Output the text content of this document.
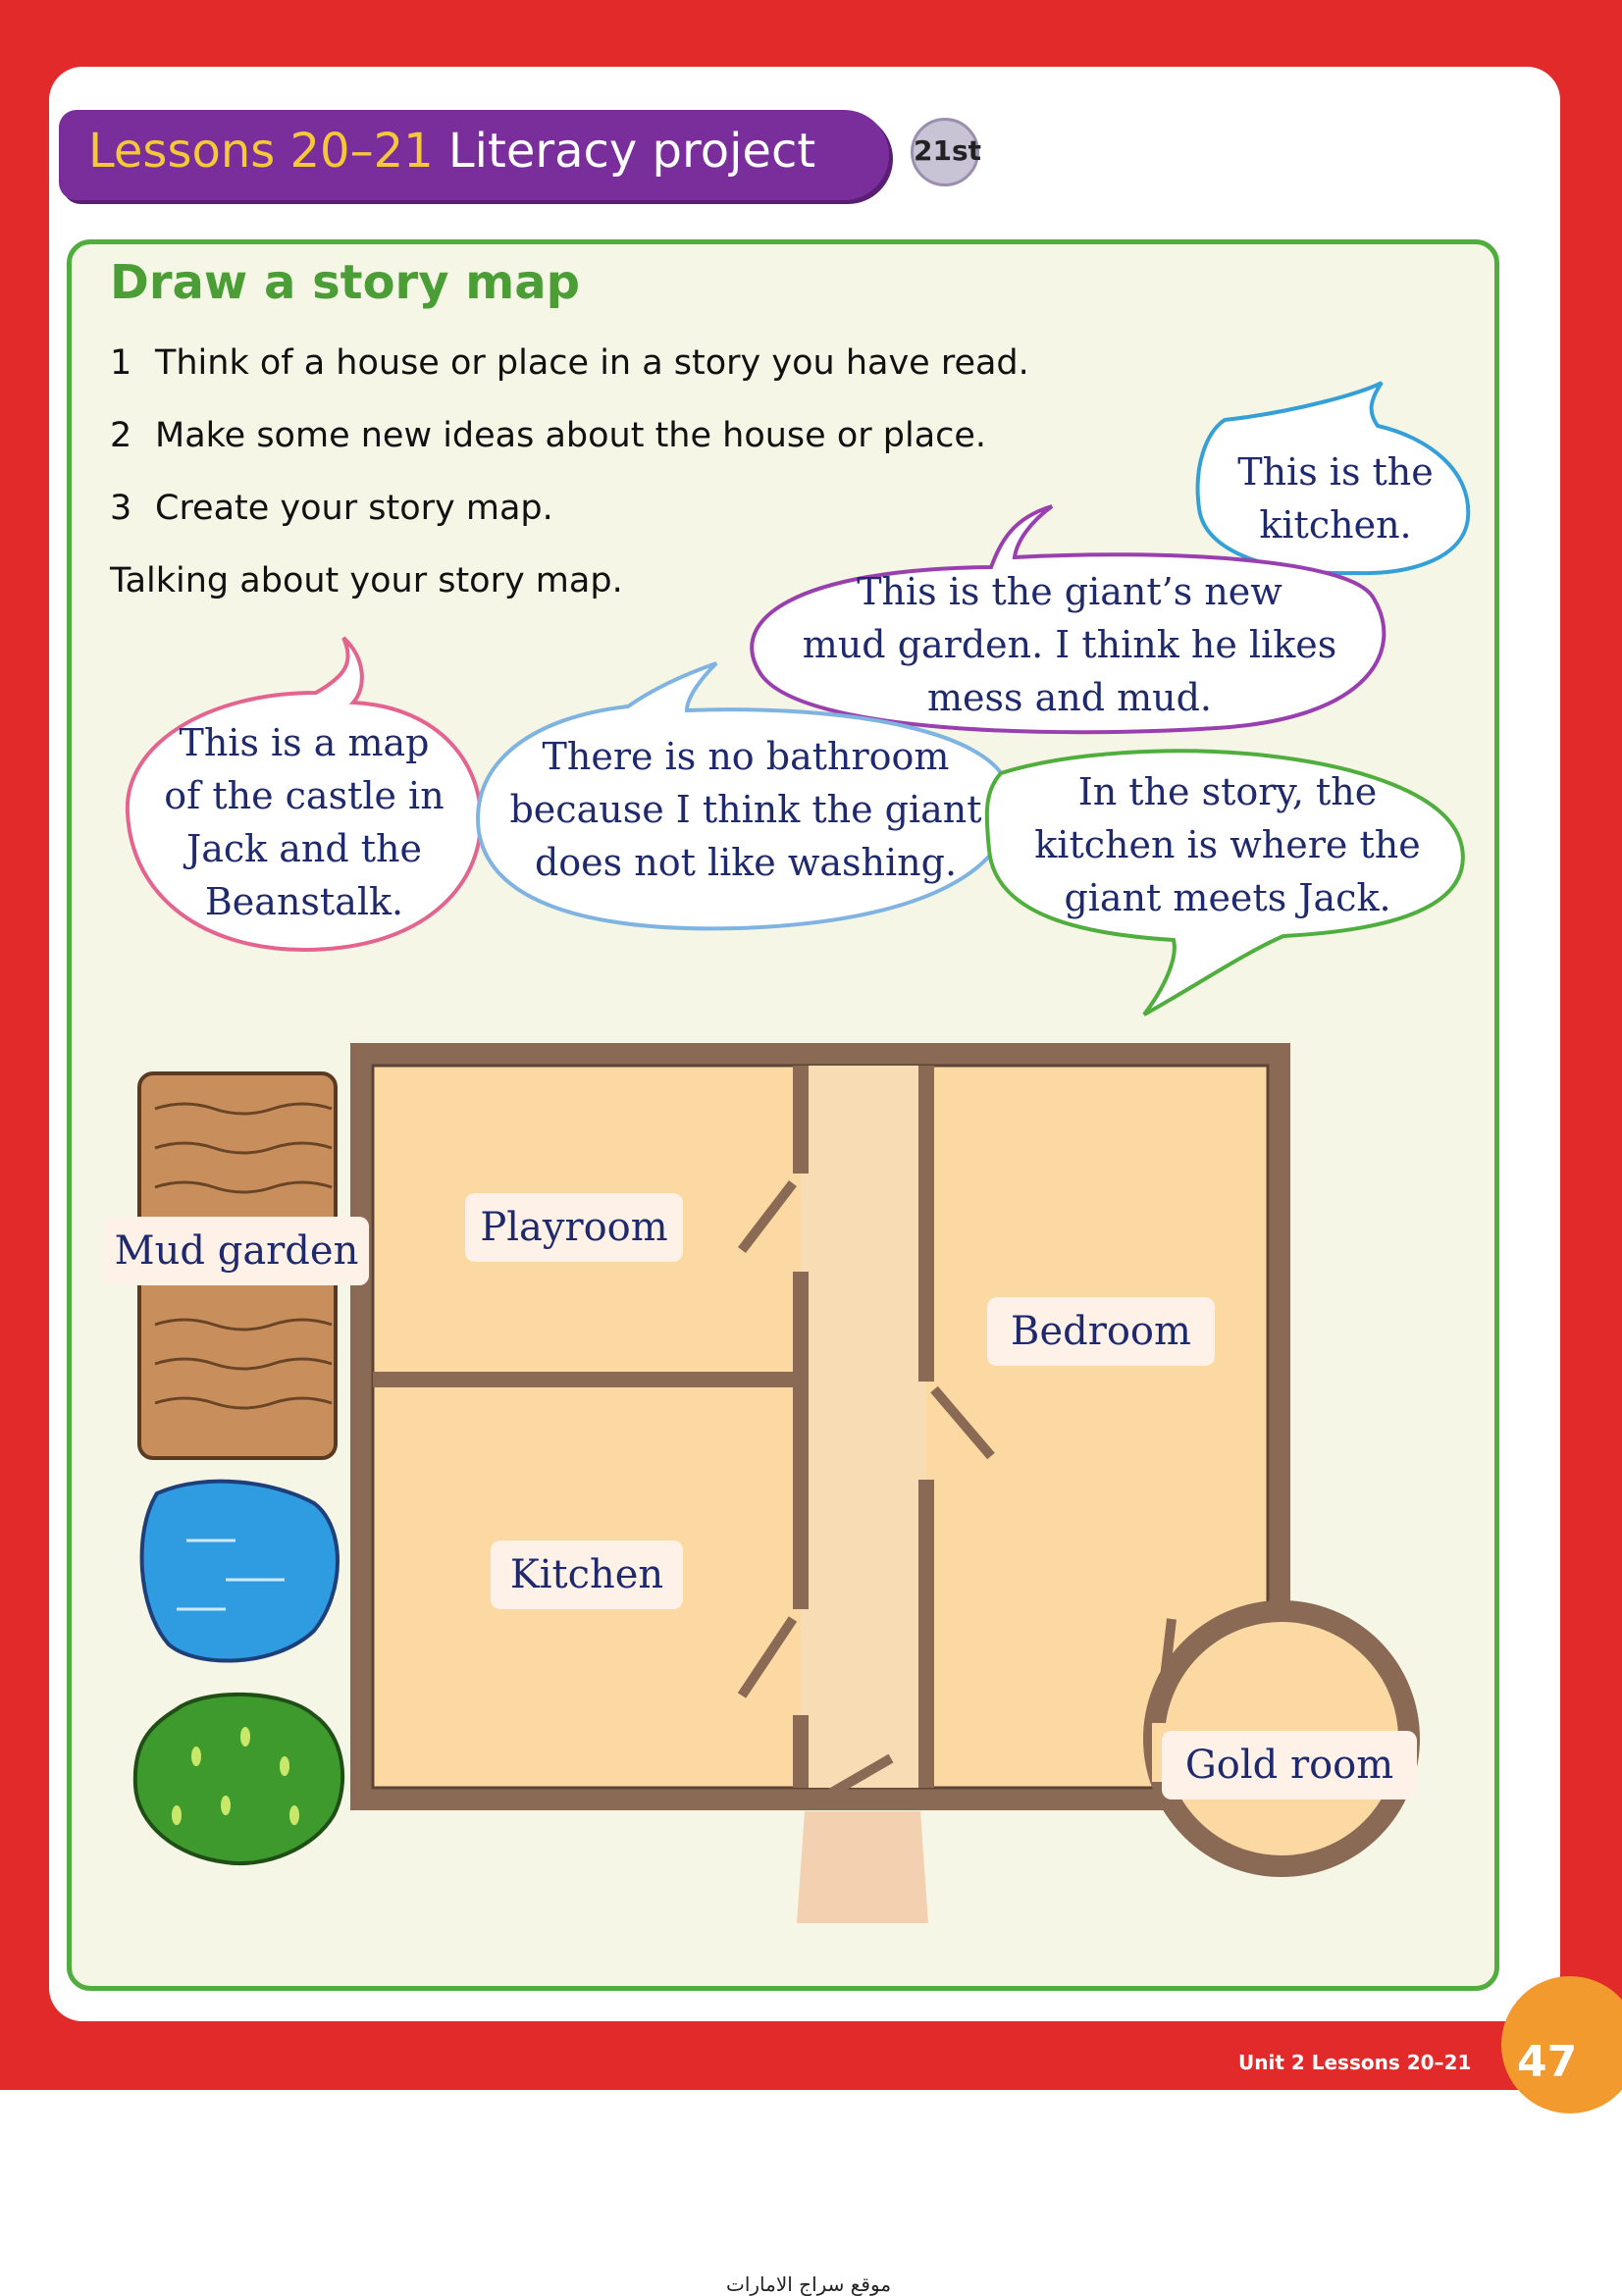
Lessons 20–21 Literacy project	21st
Draw a story map
1 Think of a house or place in a story you have read.
2 Make some new ideas about the house or place.
3 Create your story map.
Talking about your story map.
This is the
kitchen.
This is the giant’s new
mud garden. I think he likes
mess and mud.
This is a map
of the castle in
Jack and the
Beanstalk.
There is no bathroom
because I think the giant
does not like washing.
In the story, the
kitchen is where the
giant meets Jack.
Mud garden
Playroom
Kitchen
Bedroom
Gold room
Unit 2 Lessons 20–21 47
موقع سراج الامارات
